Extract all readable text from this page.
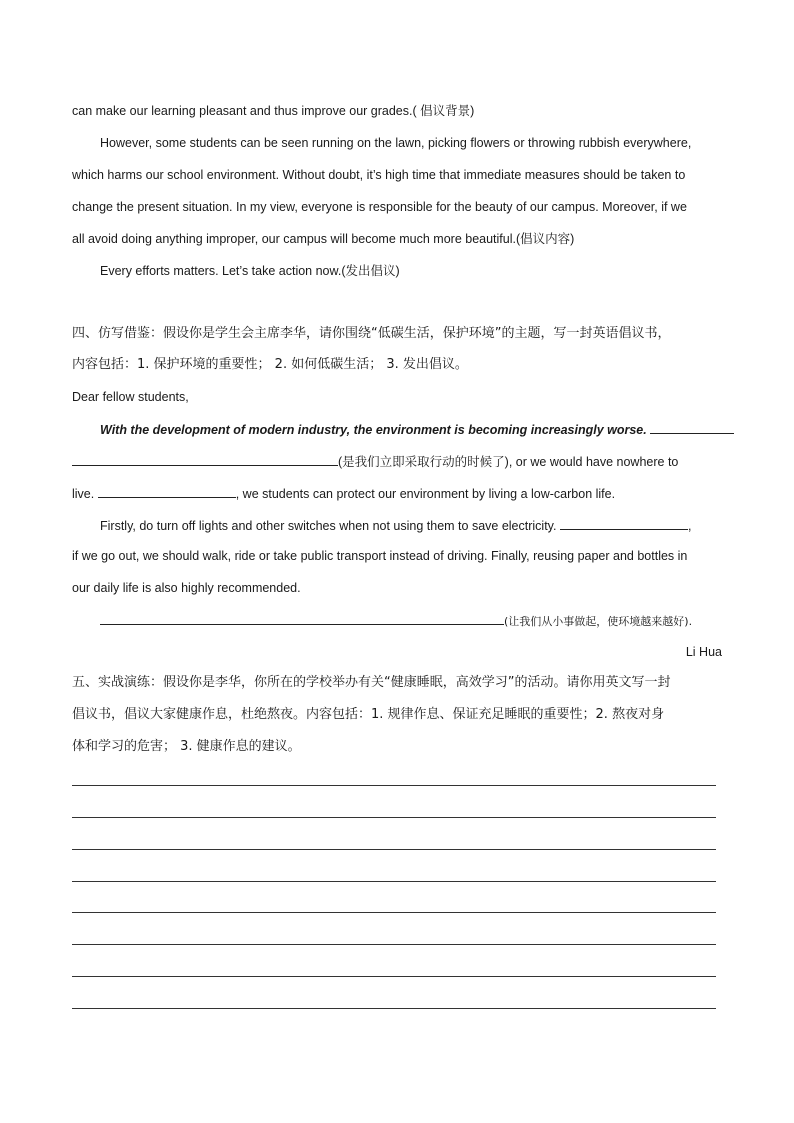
can make our learning pleasant and thus improve our grades.( 倡议背景)
However, some students can be seen running on the lawn, picking flowers or throwing rubbish everywhere,
which harms our school environment. Without doubt, it’s high time that immediate measures should be taken to
change the present situation. In my view, everyone is responsible for the beauty of our campus. Moreover, if we
all avoid doing anything improper, our campus will become much more beautiful.(倡议内容)
Every efforts matters. Let’s take action now.(发出倡议)
四、仿写借鉴：假设你是学生会主席李华，请你围绕“低碳生活，保护环境”的主题，写一封英语倡议书，
内容包括：1. 保护环境的重要性； 2. 如何低碳生活； 3. 发出倡议。
Dear fellow students,
With the development of modern industry, the environment is becoming increasingly worse.
(是我们立即采取行动的时候了), or we would have nowhere to
live.	, we students can protect our environment by living a low-carbon life.
Firstly, do turn off lights and other switches when not using them to save electricity.	,
if we go out, we should walk, ride or take public transport instead of driving. Finally, reusing paper and bottles in
our daily life is also highly recommended.
(让我们从小事做起，使环境越来越好).
Li Hua
五、实战演练：假设你是李华，你所在的学校举办有关“健康睡眠，高效学习”的活动。请你用英文写一封
倡议书，倡议大家健康作息，杜绝熬夜。内容包括：1. 规律作息、保证充足睡眠的重要性；2. 熬夜对身
体和学习的危害； 3. 健康作息的建议。
